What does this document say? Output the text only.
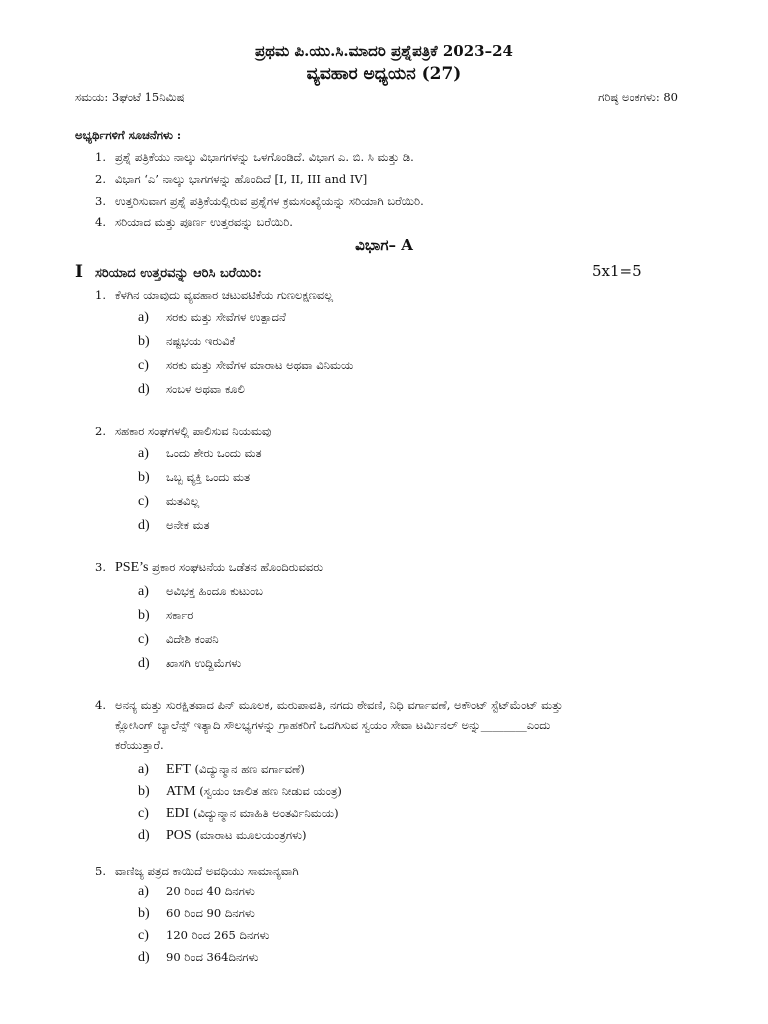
ಪ್ರಥಮ ಪಿ.ಯು.ಸಿ.ಮಾದರಿ ಪ್ರಶ್ನೆಪತ್ರಿಕೆ 2023–24
ವ್ಯವಹಾರ ಅಧ್ಯಯನ (27)
ಸಮಯ: 3ಘಂಟೆ 15ನಿಮಿಷ	ಗರಿಷ್ಠ ಅಂಕಗಳು: 80
ಅಭ್ಯರ್ಥಿಗಳಿಗೆ ಸೂಚನೆಗಳು :
1. ಪ್ರಶ್ನೆ ಪತ್ರಿಕೆಯು ನಾಲ್ಕು ವಿಭಾಗಗಳನ್ನು ಒಳಗೊಂಡಿದೆ. ವಿಭಾಗ ಎ. ಬಿ. ಸಿ ಮತ್ತು ಡಿ.
2. ವಿಭಾಗ ‘ಎ’ ನಾಲ್ಕು ಭಾಗಗಳನ್ನು ಹೊಂದಿದೆ [I, II, III and IV]
3. ಉತ್ತರಿಸುವಾಗ ಪ್ರಶ್ನೆ ಪತ್ರಿಕೆಯಲ್ಲಿರುವ ಪ್ರಶ್ನೆಗಳ ಕ್ರಮಸಂಖ್ಯೆಯನ್ನು ಸರಿಯಾಗಿ ಬರೆಯಿರಿ.
4. ಸರಿಯಾದ ಮತ್ತು ಪೂರ್ಣ ಉತ್ತರವನ್ನು ಬರೆಯಿರಿ.
ವಿಭಾಗ– A
I ಸರಿಯಾದ ಉತ್ತರವನ್ನು ಆರಿಸಿ ಬರೆಯಿರಿ:	5x1=5
1. ಕೆಳಗಿನ ಯಾವುದು ವ್ಯವಹಾರ ಚಟುವಟಿಕೆಯ ಗುಣಲಕ್ಷಣವಲ್ಲ
a) ಸರಕು ಮತ್ತು ಸೇವೆಗಳ ಉತ್ಪಾದನೆ
b) ನಷ್ಟಭಯ ಇರುವಿಕೆ
c) ಸರಕು ಮತ್ತು ಸೇವೆಗಳ ಮಾರಾಟ ಅಥವಾ ವಿನಿಮಯ
d) ಸಂಬಳ ಅಥವಾ ಕೂಲಿ
2. ಸಹಕಾರ ಸಂಘಗಳಲ್ಲಿ ಪಾಲಿಸುವ ನಿಯಮವು
a) ಒಂದು ಶೇರು ಒಂದು ಮತ
b) ಒಬ್ಬ ವ್ಯಕ್ತಿ ಒಂದು ಮತ
c) ಮತವಿಲ್ಲ
d) ಅನೇಕ ಮತ
3. PSE’s ಪ್ರಕಾರ ಸಂಘಟನೆಯ ಒಡೆತನ ಹೊಂದಿರುವವರು
a) ಅವಿಭಕ್ತ ಹಿಂದೂ ಕುಟುಂಬ
b) ಸರ್ಕಾರ
c) ವಿದೇಶಿ ಕಂಪನಿ
d) ಖಾಸಗಿ ಉದ್ದಿಮೆಗಳು
4. ಅನನ್ಯ ಮತ್ತು ಸುರಕ್ಷಿತವಾದ ಪಿನ್ ಮೂಲಕ, ಮರುಪಾವತಿ, ನಗದು ಠೇವಣಿ, ನಿಧಿ ವರ್ಗಾವಣೆ, ಅಕೌಂಟ್ ಸ್ಟೆಟ್‌ಮೆಂಟ್ ಮತ್ತು
ಕ್ಲೋಸಿಂಗ್ ಬ್ಯಾಲೆನ್ಸ್ ಇತ್ಯಾದಿ ಸೌಲಭ್ಯಗಳನ್ನು ಗ್ರಾಹಕರಿಗೆ ಒದಗಿಸುವ ಸ್ವಯಂ ಸೇವಾ ಟರ್ಮಿನಲ್ ಅನ್ನು________ಎಂದು
ಕರೆಯುತ್ತಾರೆ.
a) EFT (ವಿದ್ಯುನ್ಮಾನ ಹಣ ವರ್ಗಾವಣೆ)
b) ATM (ಸ್ವಯಂ ಚಾಲಿತ ಹಣ ನೀಡುವ ಯಂತ್ರ)
c) EDI (ವಿದ್ಯುನ್ಮಾನ ಮಾಹಿತಿ ಅಂತರ್ವಿನಿಮಯ)
d) POS (ಮಾರಾಟ ಮೂಲಯಂತ್ರಗಳು)
5. ವಾಣಿಜ್ಯ ಪತ್ರದ ಕಾಯಿದೆ ಅವಧಿಯು ಸಾಮಾನ್ಯವಾಗಿ
a) 20 ರಿಂದ 40 ದಿನಗಳು
b) 60 ರಿಂದ 90 ದಿನಗಳು
c) 120 ರಿಂದ 265 ದಿನಗಳು
d) 90 ರಿಂದ 364ದಿನಗಳು
